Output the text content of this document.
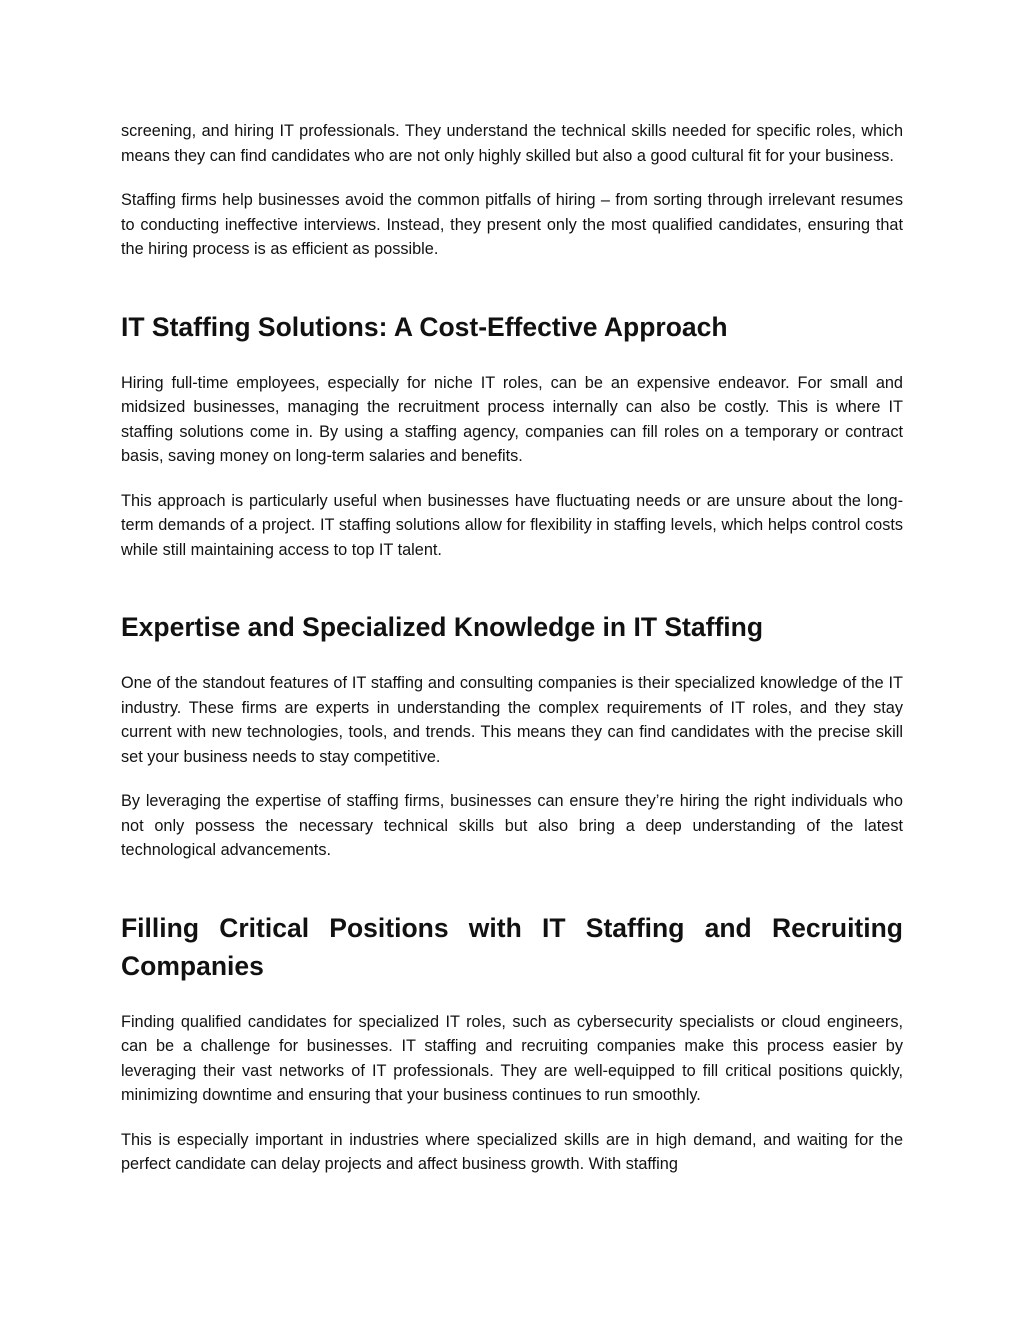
screening, and hiring IT professionals. They understand the technical skills needed for specific roles, which means they can find candidates who are not only highly skilled but also a good cultural fit for your business.

Staffing firms help businesses avoid the common pitfalls of hiring – from sorting through irrelevant resumes to conducting ineffective interviews. Instead, they present only the most qualified candidates, ensuring that the hiring process is as efficient as possible.

IT Staffing Solutions: A Cost-Effective Approach

Hiring full-time employees, especially for niche IT roles, can be an expensive endeavor. For small and midsized businesses, managing the recruitment process internally can also be costly. This is where IT staffing solutions come in. By using a staffing agency, companies can fill roles on a temporary or contract basis, saving money on long-term salaries and benefits.

This approach is particularly useful when businesses have fluctuating needs or are unsure about the long-term demands of a project. IT staffing solutions allow for flexibility in staffing levels, which helps control costs while still maintaining access to top IT talent.

Expertise and Specialized Knowledge in IT Staffing

One of the standout features of IT staffing and consulting companies is their specialized knowledge of the IT industry. These firms are experts in understanding the complex requirements of IT roles, and they stay current with new technologies, tools, and trends. This means they can find candidates with the precise skill set your business needs to stay competitive.

By leveraging the expertise of staffing firms, businesses can ensure they’re hiring the right individuals who not only possess the necessary technical skills but also bring a deep understanding of the latest technological advancements.

Filling Critical Positions with IT Staffing and Recruiting Companies

Finding qualified candidates for specialized IT roles, such as cybersecurity specialists or cloud engineers, can be a challenge for businesses. IT staffing and recruiting companies make this process easier by leveraging their vast networks of IT professionals. They are well-equipped to fill critical positions quickly, minimizing downtime and ensuring that your business continues to run smoothly.

This is especially important in industries where specialized skills are in high demand, and waiting for the perfect candidate can delay projects and affect business growth. With staffing
